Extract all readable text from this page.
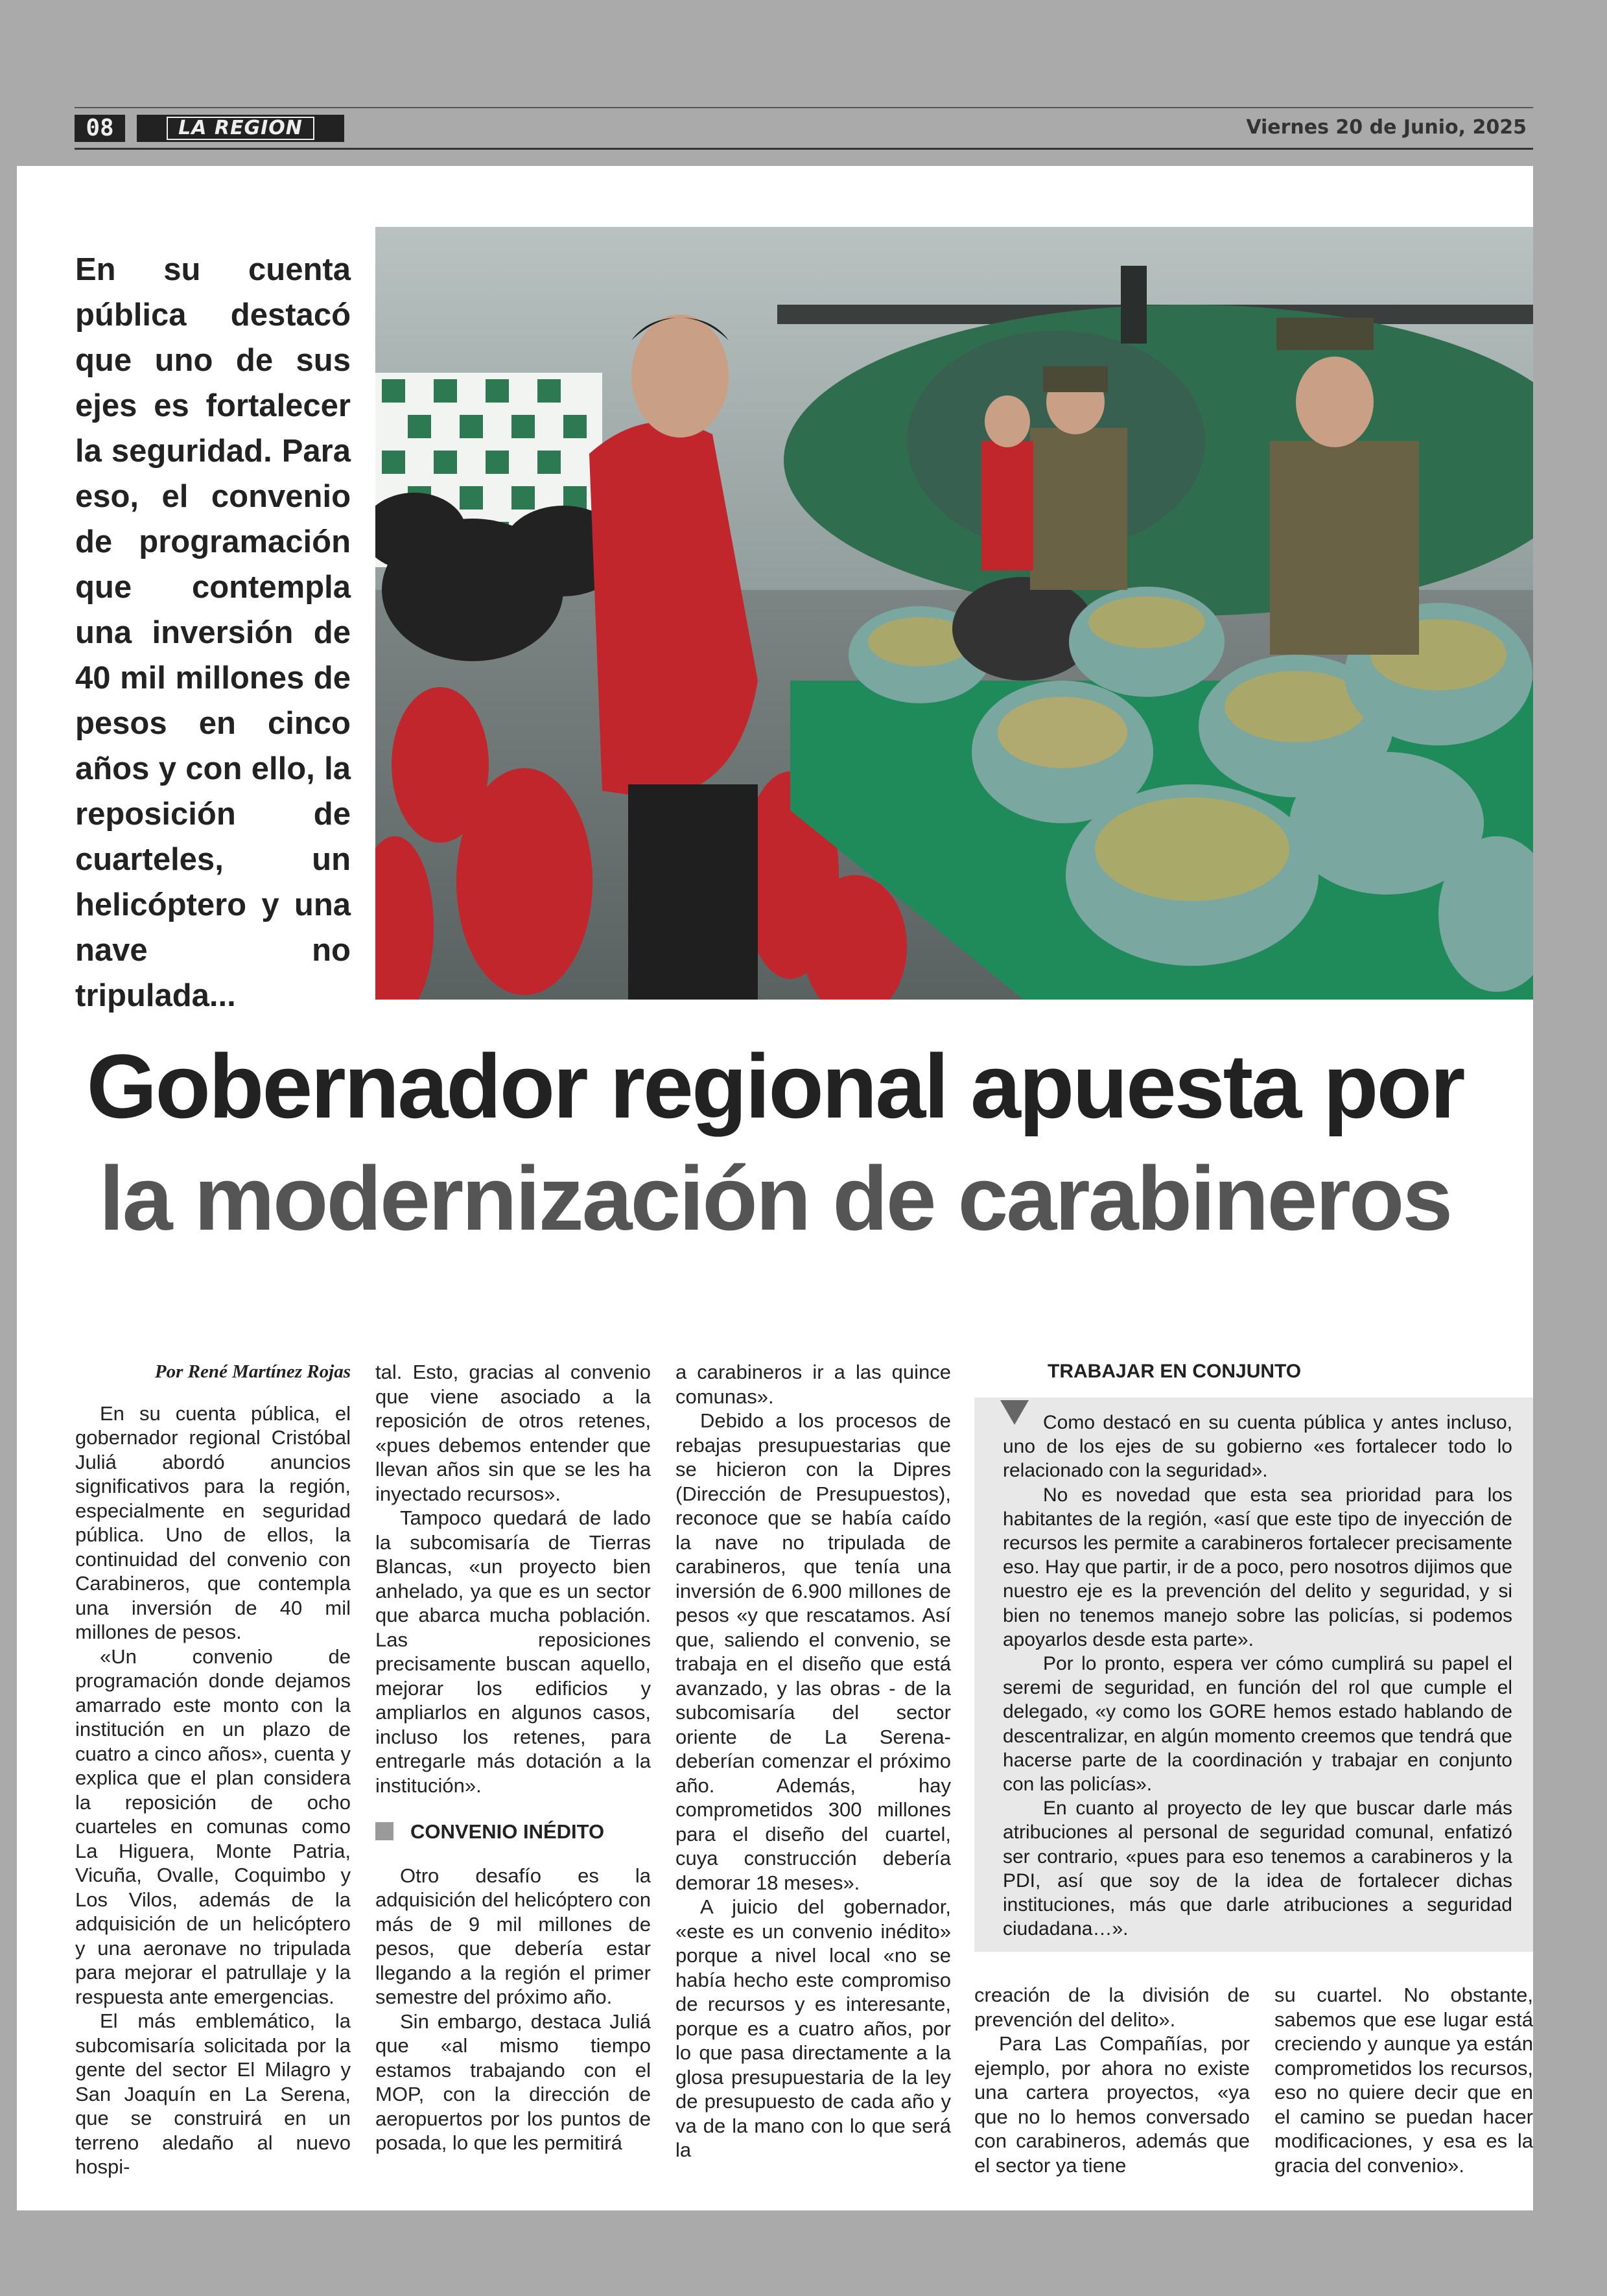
08	LA REGION	Viernes 20 de Junio, 2025
En su cuenta pública destacó que uno de sus ejes es fortalecer la seguridad. Para eso, el convenio de programación que contempla una inversión de 40 mil millones de pesos en cinco años y con ello, la reposición de cuarteles, un helicóptero y una nave no tripulada...
Gobernador regional apuesta por
la modernización de carabineros
Por René Martínez Rojas

En su cuenta pública, el gobernador regional Cristóbal Juliá abordó anuncios significativos para la región, especialmente en seguridad pública. Uno de ellos, la continuidad del convenio con Carabineros, que contempla una inversión de 40 mil millones de pesos.

«Un convenio de programación donde dejamos amarrado este monto con la institución en un plazo de cuatro a cinco años», cuenta y explica que el plan considera la reposición de ocho cuarteles en comunas como La Higuera, Monte Patria, Vicuña, Ovalle, Coquimbo y Los Vilos, además de la adquisición de un helicóptero y una aeronave no tripulada para mejorar el patrullaje y la respuesta ante emergencias.

El más emblemático, la subcomisaría solicitada por la gente del sector El Milagro y San Joaquín en La Serena, que se construirá en un terreno aledaño al nuevo hospi-

tal. Esto, gracias al convenio que viene asociado a la reposición de otros retenes, «pues debemos entender que llevan años sin que se les ha inyectado recursos».

Tampoco quedará de lado la subcomisaría de Tierras Blancas, «un proyecto bien anhelado, ya que es un sector que abarca mucha población. Las reposiciones precisamente buscan aquello, mejorar los edificios y ampliarlos en algunos casos, incluso los retenes, para entregarle más dotación a la institución».

CONVENIO INÉDITO

Otro desafío es la adquisición del helicóptero con más de 9 mil millones de pesos, que debería estar llegando a la región el primer semestre del próximo año.

Sin embargo, destaca Juliá que «al mismo tiempo estamos trabajando con el MOP, con la dirección de aeropuertos por los puntos de posada, lo que les permitirá

a carabineros ir a las quince comunas».

Debido a los procesos de rebajas presupuestarias que se hicieron con la Dipres (Dirección de Presupuestos), reconoce que se había caído la nave no tripulada de carabineros, que tenía una inversión de 6.900 millones de pesos «y que rescatamos. Así que, saliendo el convenio, se trabaja en el diseño que está avanzado, y las obras - de la subcomisaría del sector oriente de La Serena- deberían comenzar el próximo año. Además, hay comprometidos 300 millones para el diseño del cuartel, cuya construcción debería demorar 18 meses».

A juicio del gobernador, «este es un convenio inédito» porque a nivel local «no se había hecho este compromiso de recursos y es interesante, porque es a cuatro años, por lo que pasa directamente a la glosa presupuestaria de la ley de presupuesto de cada año y va de la mano con lo que será la

TRABAJAR EN CONJUNTO

Como destacó en su cuenta pública y antes incluso, uno de los ejes de su gobierno «es fortalecer todo lo relacionado con la seguridad».

No es novedad que esta sea prioridad para los habitantes de la región, «así que este tipo de inyección de recursos les permite a carabineros fortalecer precisamente eso. Hay que partir, ir de a poco, pero nosotros dijimos que nuestro eje es la prevención del delito y seguridad, y si bien no tenemos manejo sobre las policías, si podemos apoyarlos desde esta parte».

Por lo pronto, espera ver cómo cumplirá su papel el seremi de seguridad, en función del rol que cumple el delegado, «y como los GORE hemos estado hablando de descentralizar, en algún momento creemos que tendrá que hacerse parte de la coordinación y trabajar en conjunto con las policías».

En cuanto al proyecto de ley que buscar darle más atribuciones al personal de seguridad comunal, enfatizó ser contrario, «pues para eso tenemos a carabineros y la PDI, así que soy de la idea de fortalecer dichas instituciones, más que darle atribuciones a seguridad ciudadana…».

creación de la división de prevención del delito».

Para Las Compañías, por ejemplo, por ahora no existe una cartera proyectos, «ya que no lo hemos conversado con carabineros, además que el sector ya tiene

su cuartel. No obstante, sabemos que ese lugar está creciendo y aunque ya están comprometidos los recursos, eso no quiere decir que en el camino se puedan hacer modificaciones, y esa es la gracia del convenio».
